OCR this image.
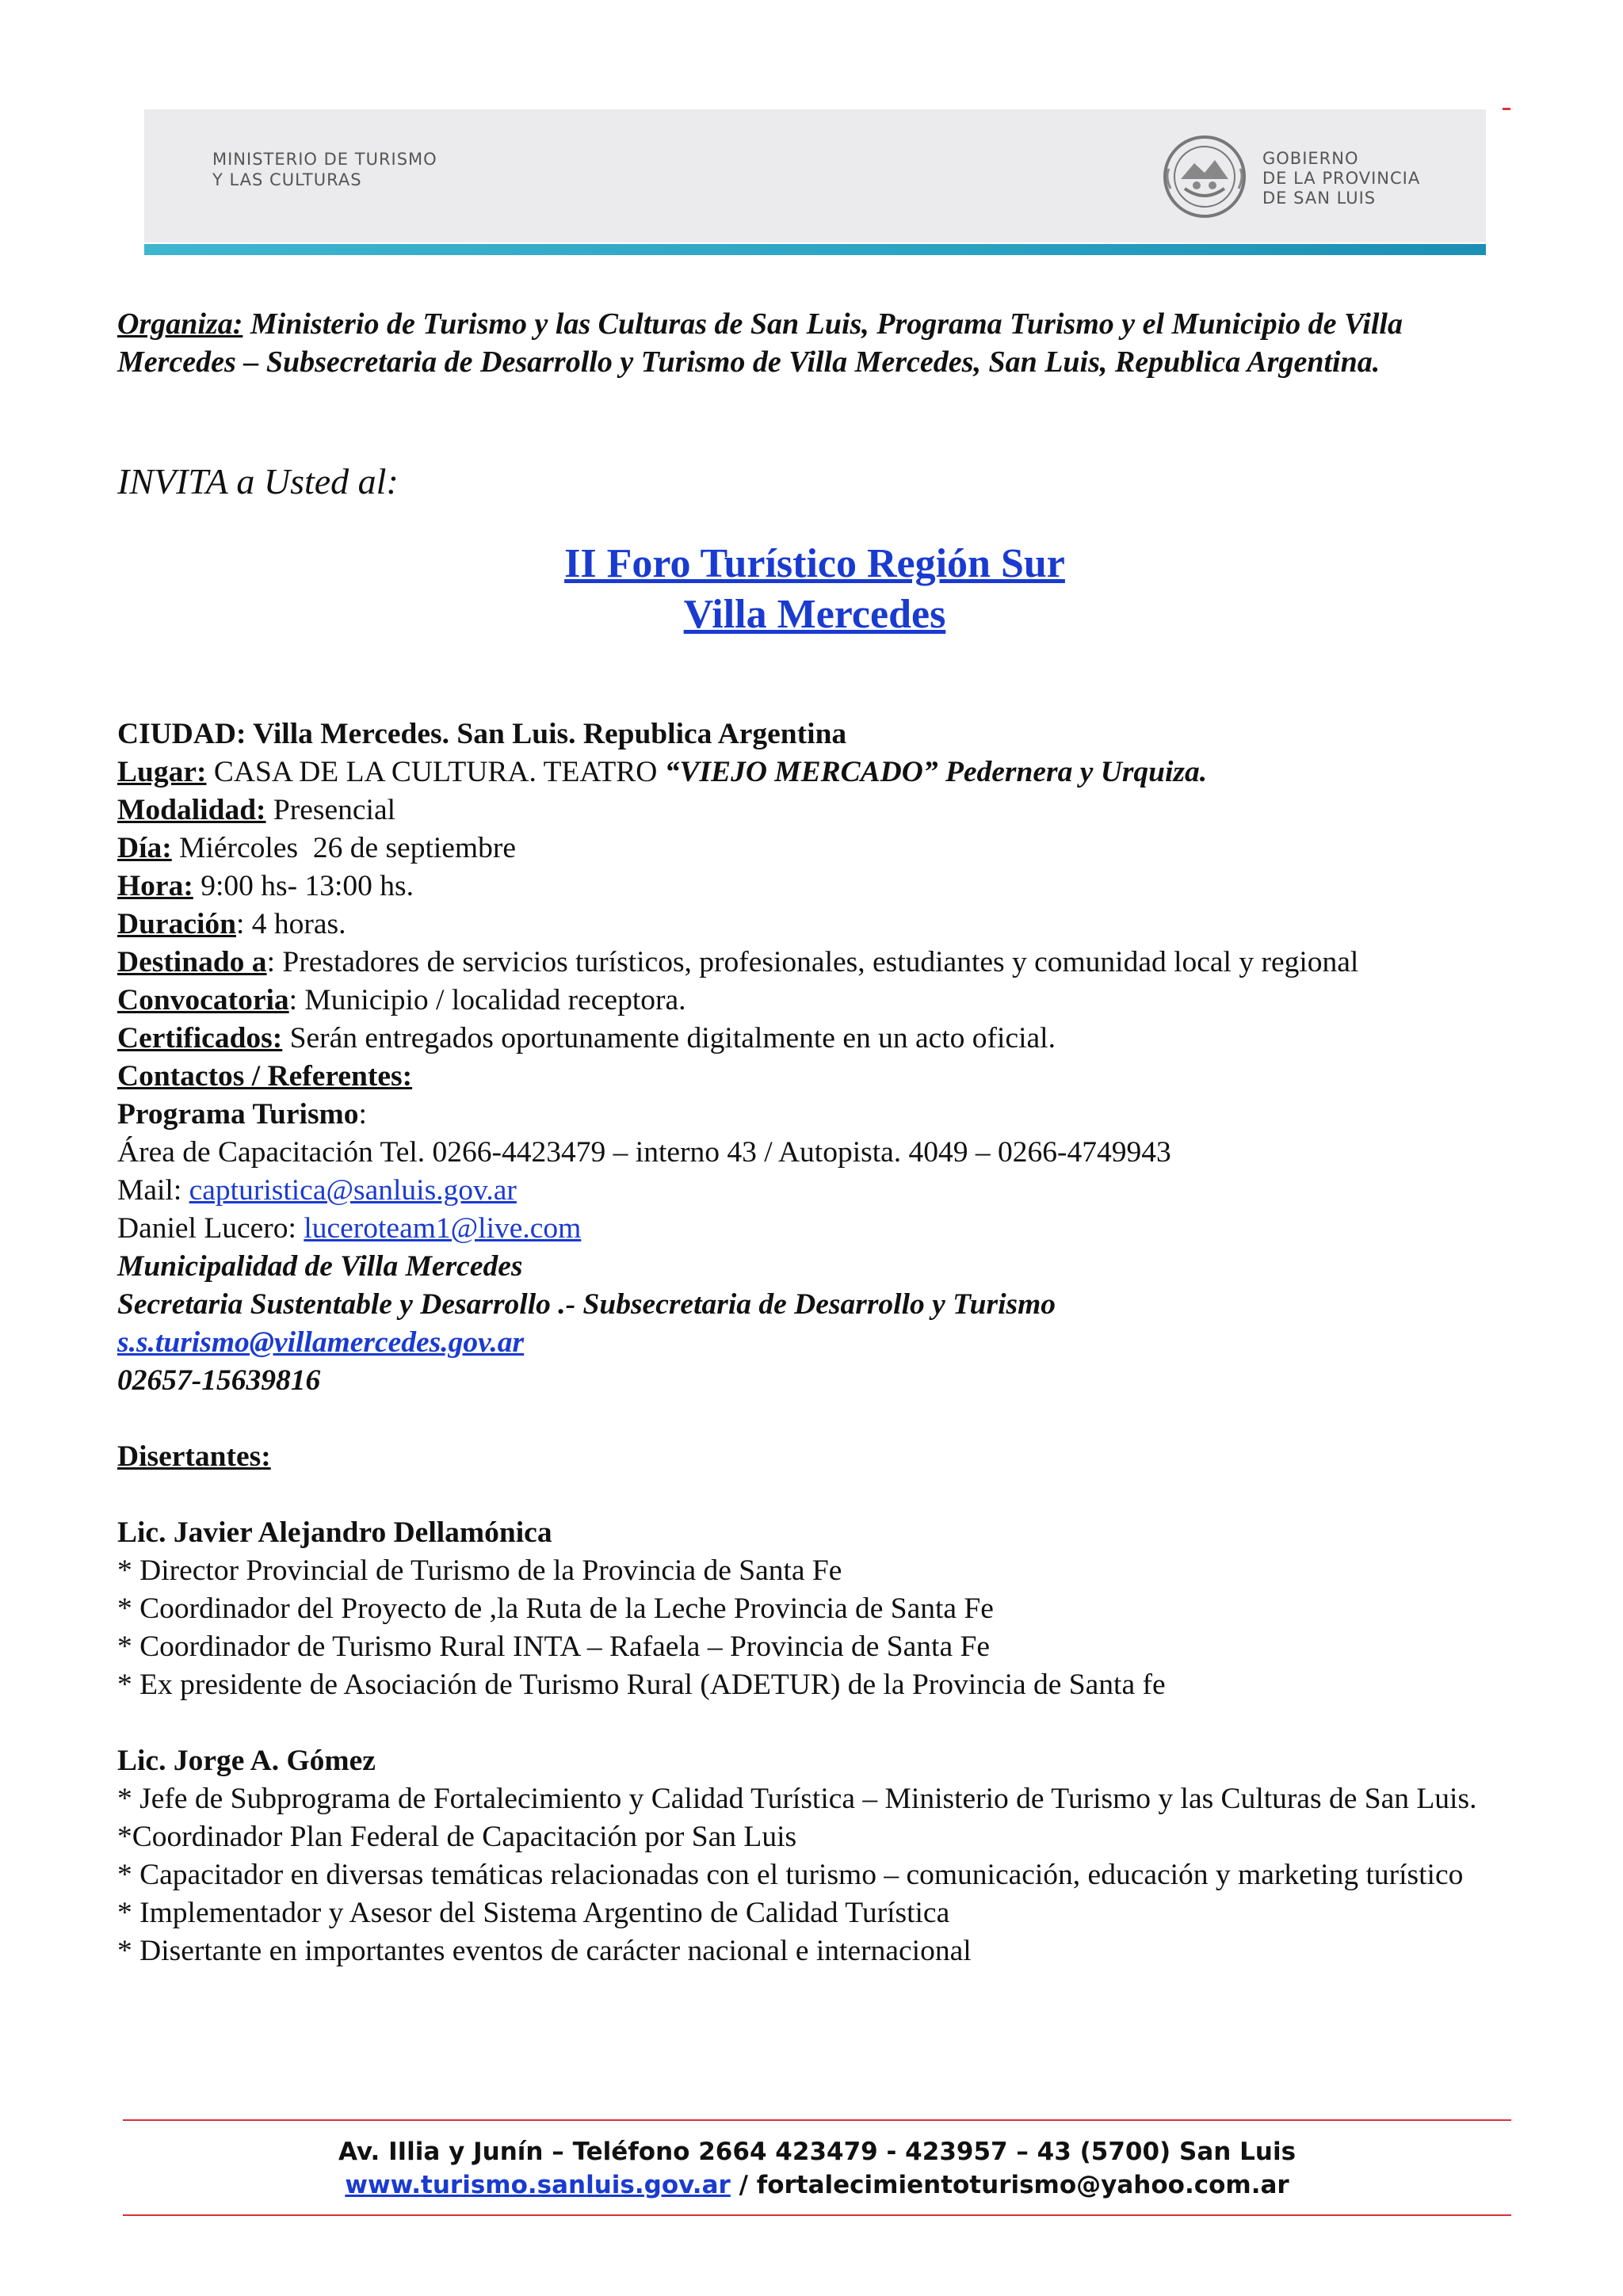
MINISTERIO DE TURISMO
Y LAS CULTURAS
GOBIERNO
DE LA PROVINCIA
DE SAN LUIS
Organiza: Ministerio de Turismo y las Culturas de San Luis, Programa Turismo y el Municipio de Villa Mercedes – Subsecretaria de Desarrollo y Turismo de Villa Mercedes, San Luis, Republica Argentina.
INVITA a Usted al:
II Foro Turístico Región Sur
Villa Mercedes
CIUDAD: Villa Mercedes. San Luis. Republica Argentina
Lugar: CASA DE LA CULTURA. TEATRO “VIEJO MERCADO” Pedernera y Urquiza.
Modalidad: Presencial
Día: Miércoles  26 de septiembre
Hora: 9:00 hs- 13:00 hs.
Duración: 4 horas.
Destinado a: Prestadores de servicios turísticos, profesionales, estudiantes y comunidad local y regional
Convocatoria: Municipio / localidad receptora.
Certificados: Serán entregados oportunamente digitalmente en un acto oficial.
Contactos / Referentes:
Programa Turismo:
Área de Capacitación Tel. 0266-4423479 – interno 43 / Autopista. 4049 – 0266-4749943
Mail: capturistica@sanluis.gov.ar
Daniel Lucero: luceroteam1@live.com
Municipalidad de Villa Mercedes
Secretaria Sustentable y Desarrollo .- Subsecretaria de Desarrollo y Turismo
s.s.turismo@villamercedes.gov.ar
02657-15639816
Disertantes:
Lic. Javier Alejandro Dellamónica
* Director Provincial de Turismo de la Provincia de Santa Fe
* Coordinador del Proyecto de ,la Ruta de la Leche Provincia de Santa Fe
* Coordinador de Turismo Rural INTA – Rafaela – Provincia de Santa Fe
* Ex presidente de Asociación de Turismo Rural (ADETUR) de la Provincia de Santa fe
Lic. Jorge A. Gómez
* Jefe de Subprograma de Fortalecimiento y Calidad Turística – Ministerio de Turismo y las Culturas de San Luis.
*Coordinador Plan Federal de Capacitación por San Luis
* Capacitador en diversas temáticas relacionadas con el turismo – comunicación, educación y marketing turístico
* Implementador y Asesor del Sistema Argentino de Calidad Turística
* Disertante en importantes eventos de carácter nacional e internacional
Av. IIlia y Junín – Teléfono 2664 423479 - 423957 – 43 (5700) San Luis
www.turismo.sanluis.gov.ar / fortalecimientoturismo@yahoo.com.ar
